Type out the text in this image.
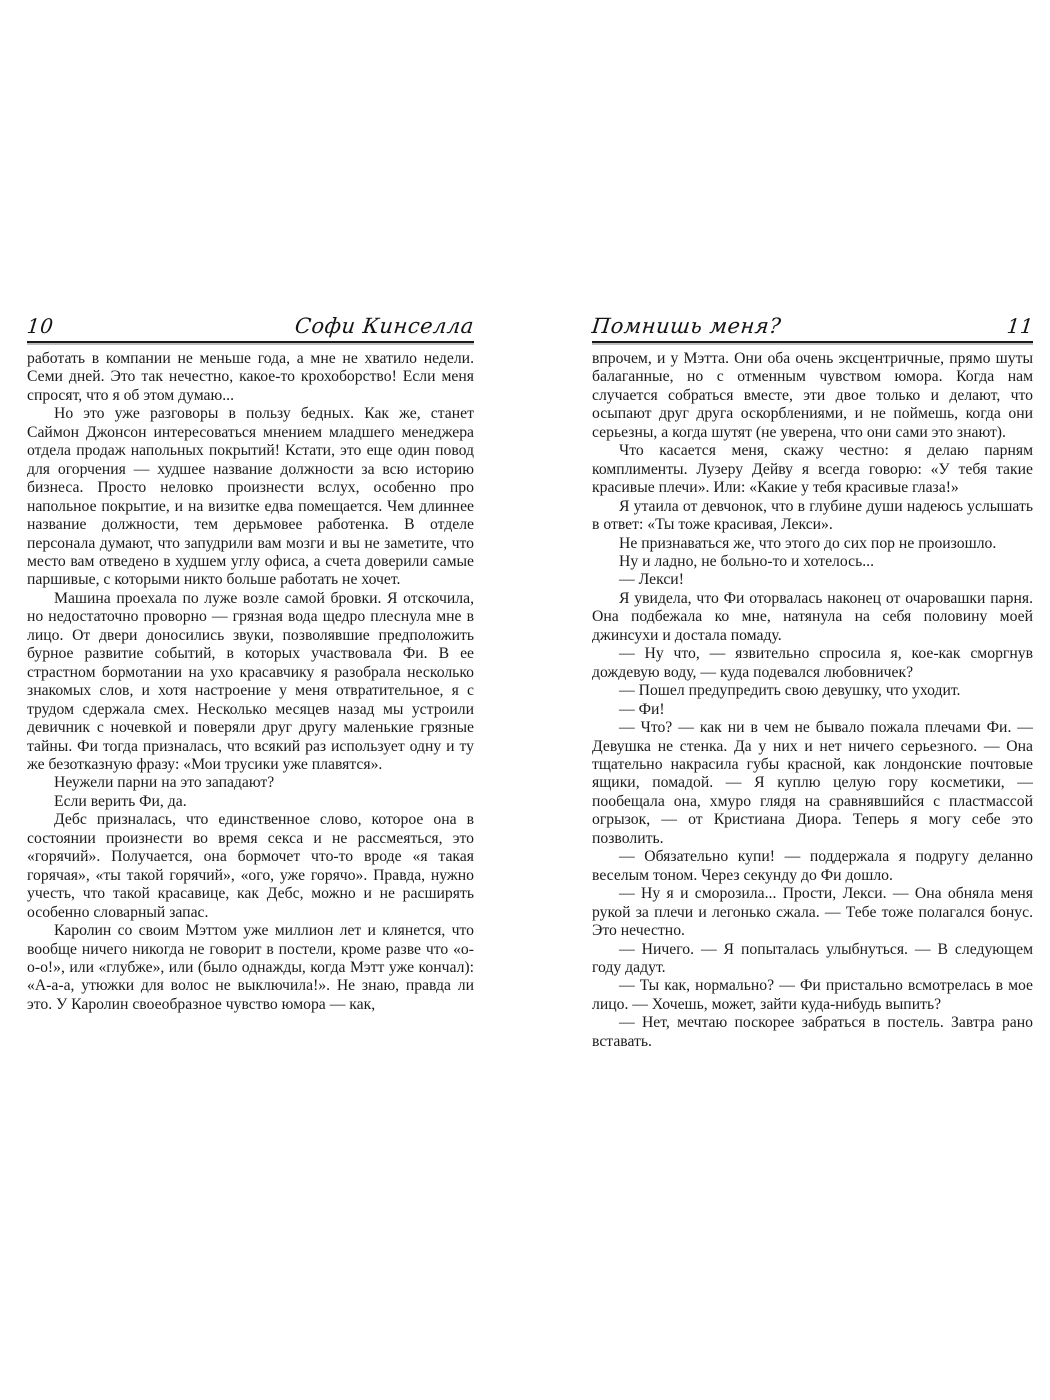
10	Софи Кинселла

работать в компании не меньше года, а мне не хватило недели. Семи дней. Это так нечестно, какое-то крохоборство! Если меня спросят, что я об этом думаю...

Но это уже разговоры в пользу бедных. Как же, станет Саймон Джонсон интересоваться мнением младшего менеджера отдела продаж напольных покрытий! Кстати, это еще один повод для огорчения — худшее название должности за всю историю бизнеса. Просто неловко произнести вслух, особенно про напольное покрытие, и на визитке едва помещается. Чем длиннее название должности, тем дерьмовее работенка. В отделе персонала думают, что запудрили вам мозги и вы не заметите, что место вам отведено в худшем углу офиса, а счета доверили самые паршивые, с которыми никто больше работать не хочет.

Машина проехала по луже возле самой бровки. Я отскочила, но недостаточно проворно — грязная вода щедро плеснула мне в лицо. От двери доносились звуки, позволявшие предположить бурное развитие событий, в которых участвовала Фи. В ее страстном бормотании на ухо красавчику я разобрала несколько знакомых слов, и хотя настроение у меня отвратительное, я с трудом сдержала смех. Несколько месяцев назад мы устроили девичник с ночевкой и поверяли друг другу маленькие грязные тайны. Фи тогда призналась, что всякий раз использует одну и ту же безотказную фразу: «Мои трусики уже плавятся».

Неужели парни на это западают?

Если верить Фи, да.

Дебс призналась, что единственное слово, которое она в состоянии произнести во время секса и не рассмеяться, это «горячий». Получается, она бормочет что-то вроде «я такая горячая», «ты такой горячий», «ого, уже горячо». Правда, нужно учесть, что такой красавице, как Дебс, можно и не расширять особенно словарный запас.

Каролин со своим Мэттом уже миллион лет и клянется, что вообще ничего никогда не говорит в постели, кроме разве что «о-о-о!», или «глубже», или (было однажды, когда Мэтт уже кончал): «А-а-а, утюжки для волос не выключила!». Не знаю, правда ли это. У Каролин своеобразное чувство юмора — как,

Помнишь меня?	11

впрочем, и у Мэтта. Они оба очень эксцентричные, прямо шуты балаганные, но с отменным чувством юмора. Когда нам случается собраться вместе, эти двое только и делают, что осыпают друг друга оскорблениями, и не поймешь, когда они серьезны, а когда шутят (не уверена, что они сами это знают).

Что касается меня, скажу честно: я делаю парням комплименты. Лузеру Дейву я всегда говорю: «У тебя такие красивые плечи». Или: «Какие у тебя красивые глаза!»

Я утаила от девчонок, что в глубине души надеюсь услышать в ответ: «Ты тоже красивая, Лекси».

Не признаваться же, что этого до сих пор не произошло.

Ну и ладно, не больно-то и хотелось...

— Лекси!

Я увидела, что Фи оторвалась наконец от очаровашки парня. Она подбежала ко мне, натянула на себя половину моей джинсухи и достала помаду.

— Ну что, — язвительно спросила я, кое-как сморгнув дождевую воду, — куда подевался любовничек?

— Пошел предупредить свою девушку, что уходит.

— Фи!

— Что? — как ни в чем не бывало пожала плечами Фи. — Девушка не стенка. Да у них и нет ничего серьезного. — Она тщательно накрасила губы красной, как лондонские почтовые ящики, помадой. — Я куплю целую гору косметики, — пообещала она, хмуро глядя на сравнявшийся с пластмассой огрызок, — от Кристиана Диора. Теперь я могу себе это позволить.

— Обязательно купи! — поддержала я подругу деланно веселым тоном. Через секунду до Фи дошло.

— Ну я и сморозила... Прости, Лекси. — Она обняла меня рукой за плечи и легонько сжала. — Тебе тоже полагался бонус. Это нечестно.

— Ничего. — Я попыталась улыбнуться. — В следующем году дадут.

— Ты как, нормально? — Фи пристально всмотрелась в мое лицо. — Хочешь, может, зайти куда-нибудь выпить?

— Нет, мечтаю поскорее забраться в постель. Завтра рано вставать.
